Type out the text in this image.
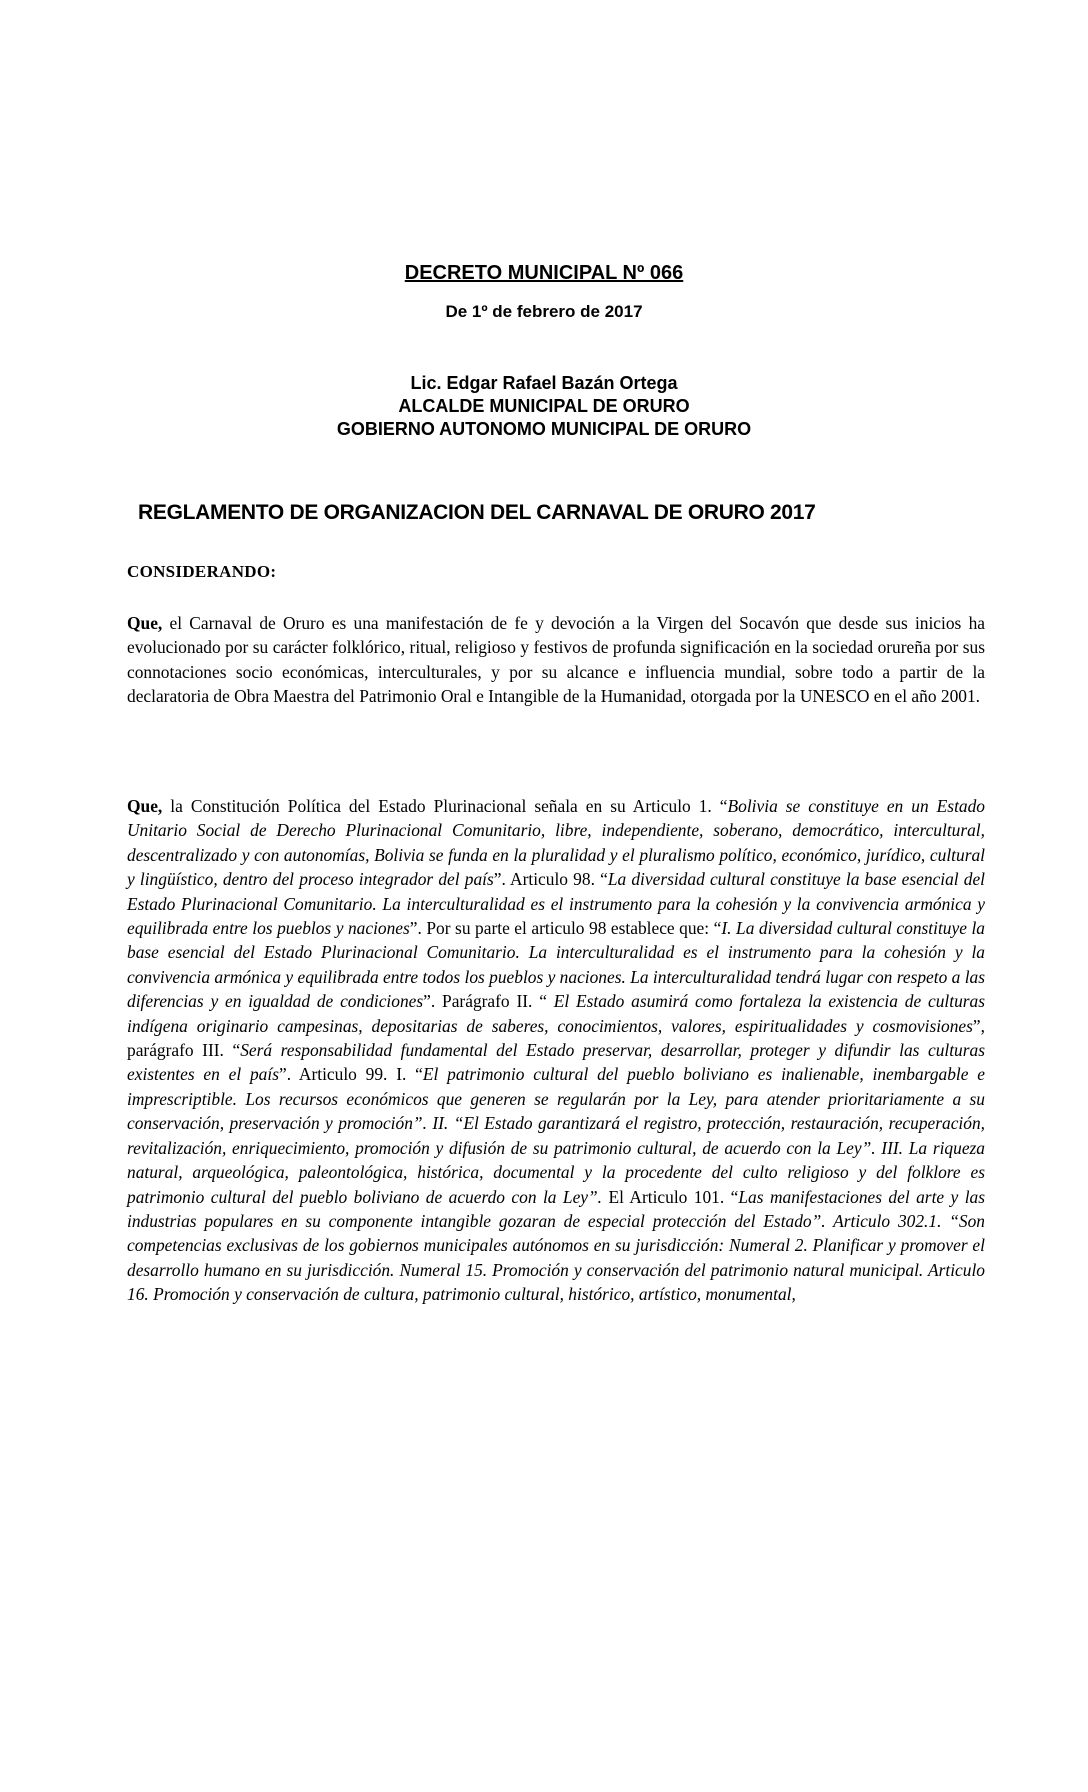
DECRETO MUNICIPAL Nº 066
De 1º de febrero de 2017
Lic. Edgar Rafael Bazán Ortega
ALCALDE MUNICIPAL DE ORURO
GOBIERNO AUTONOMO MUNICIPAL DE ORURO
REGLAMENTO DE ORGANIZACION DEL CARNAVAL DE ORURO 2017
CONSIDERANDO:

Que, el Carnaval de Oruro es una manifestación de fe y devoción a la Virgen del Socavón que desde sus inicios ha evolucionado por su carácter folklórico, ritual, religioso y festivos de profunda significación en la sociedad orureña por sus connotaciones socio económicas, interculturales, y por su alcance e influencia mundial, sobre todo a partir de la declaratoria de Obra Maestra del Patrimonio Oral e Intangible de la Humanidad, otorgada por la UNESCO en el año 2001.

Que, la Constitución Política del Estado Plurinacional señala en su Articulo 1. “Bolivia se constituye en un Estado Unitario Social de Derecho Plurinacional Comunitario, libre, independiente, soberano, democrático, intercultural, descentralizado y con autonomías, Bolivia se funda en la pluralidad y el pluralismo político, económico, jurídico, cultural y lingüístico, dentro del proceso integrador del país”. Articulo 98. “La diversidad cultural constituye la base esencial del Estado Plurinacional Comunitario. La interculturalidad es el instrumento para la cohesión y la convivencia armónica y equilibrada entre los pueblos y naciones”. Por su parte el articulo 98 establece que: “I. La diversidad cultural constituye la base esencial del Estado Plurinacional Comunitario. La interculturalidad es el instrumento para la cohesión y la convivencia armónica y equilibrada entre todos los pueblos y naciones. La interculturalidad tendrá lugar con respeto a las diferencias y en igualdad de condiciones”. Parágrafo II. “ El Estado asumirá como fortaleza la existencia de culturas indígena originario campesinas, depositarias de saberes, conocimientos, valores, espiritualidades y cosmovisiones”, parágrafo III. “Será responsabilidad fundamental del Estado preservar, desarrollar, proteger y difundir las culturas existentes en el país”. Articulo 99. I. “El patrimonio cultural del pueblo boliviano es inalienable, inembargable e imprescriptible. Los recursos económicos que generen se regularán por la Ley, para atender prioritariamente a su conservación, preservación y promoción”. II. “El Estado garantizará el registro, protección, restauración, recuperación, revitalización, enriquecimiento, promoción y difusión de su patrimonio cultural, de acuerdo con la Ley”. III. La riqueza natural, arqueológica, paleontológica, histórica, documental y la procedente del culto religioso y del folklore es patrimonio cultural del pueblo boliviano de acuerdo con la Ley”. El Articulo 101. “Las manifestaciones del arte y las industrias populares en su componente intangible gozaran de especial protección del Estado”. Articulo 302.1. “Son competencias exclusivas de los gobiernos municipales autónomos en su jurisdicción: Numeral 2. Planificar y promover el desarrollo humano en su jurisdicción. Numeral 15. Promoción y conservación del patrimonio natural municipal. Articulo 16. Promoción y conservación de cultura, patrimonio cultural, histórico, artístico, monumental,
